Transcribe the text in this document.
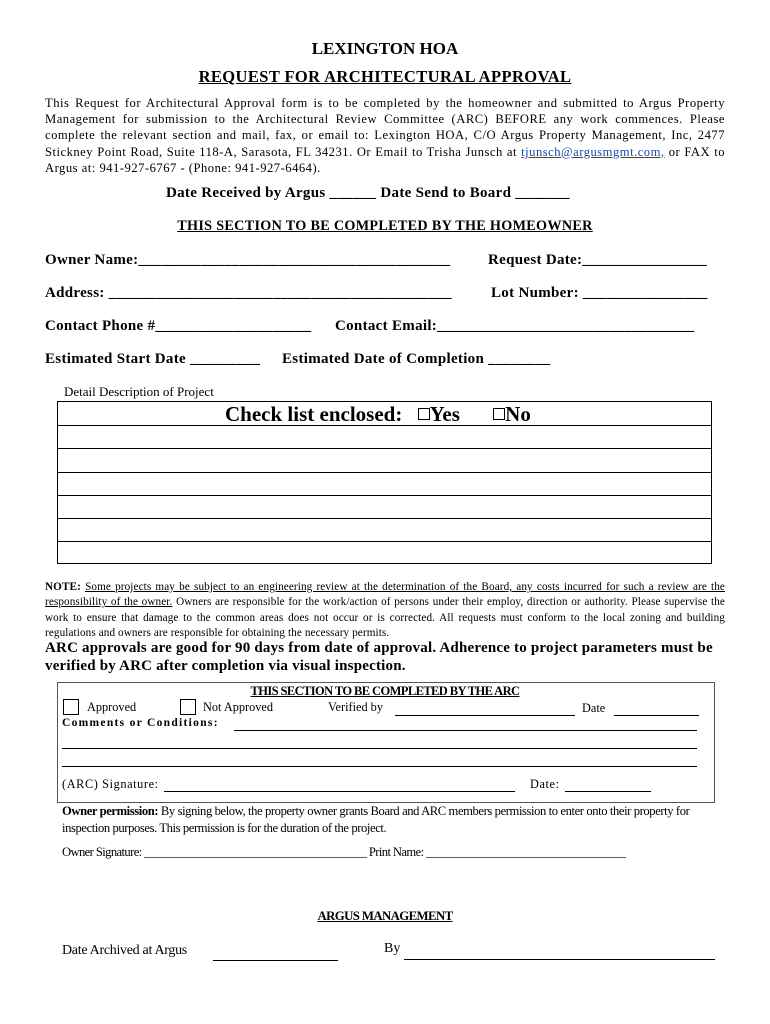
LEXINGTON HOA
REQUEST FOR ARCHITECTURAL APPROVAL
This Request for Architectural Approval form is to be completed by the homeowner and submitted to Argus Property Management for submission to the Architectural Review Committee (ARC) BEFORE any work commences. Please complete the relevant section and mail, fax, or email to: Lexington HOA, C/O Argus Property Management, Inc, 2477 Stickney Point Road, Suite 118-A, Sarasota, FL 34231. Or Email to Trisha Junsch at tjunsch@argusmgmt.com, or FAX to Argus at: 941-927-6767 - (Phone: 941-927-6464).
Date Received by Argus ______ Date Send to Board _______
THIS SECTION TO BE COMPLETED BY THE HOMEOWNER
Owner Name:________________________________________	Request Date:________________
Address: ____________________________________________	Lot Number: ________________
Contact Phone #____________________ Contact Email:_________________________________
Estimated Start Date _________ Estimated Date of Completion ________
Detail Description of Project
Check list enclosed: Yes No
NOTE: Some projects may be subject to an engineering review at the determination of the Board, any costs incurred for such a review are the responsibility of the owner. Owners are responsible for the work/action of persons under their employ, direction or authority. Please supervise the work to ensure that damage to the common areas does not occur or is corrected. All requests must conform to the local zoning and building regulations and owners are responsible for obtaining the necessary permits.
ARC approvals are good for 90 days from date of approval. Adherence to project parameters must be verified by ARC after completion via visual inspection.
THIS SECTION TO BE COMPLETED BY THE ARC
Approved	Not Approved	Verified by	Date
Comments or Conditions:
(ARC) Signature:	Date:
Owner permission: By signing below, the property owner grants Board and ARC members permission to enter onto their property for inspection purposes. This permission is for the duration of the project.
Owner Signature: _______________________________________ Print Name: ___________________________________
ARGUS MANAGEMENT
Date Archived at Argus	By
